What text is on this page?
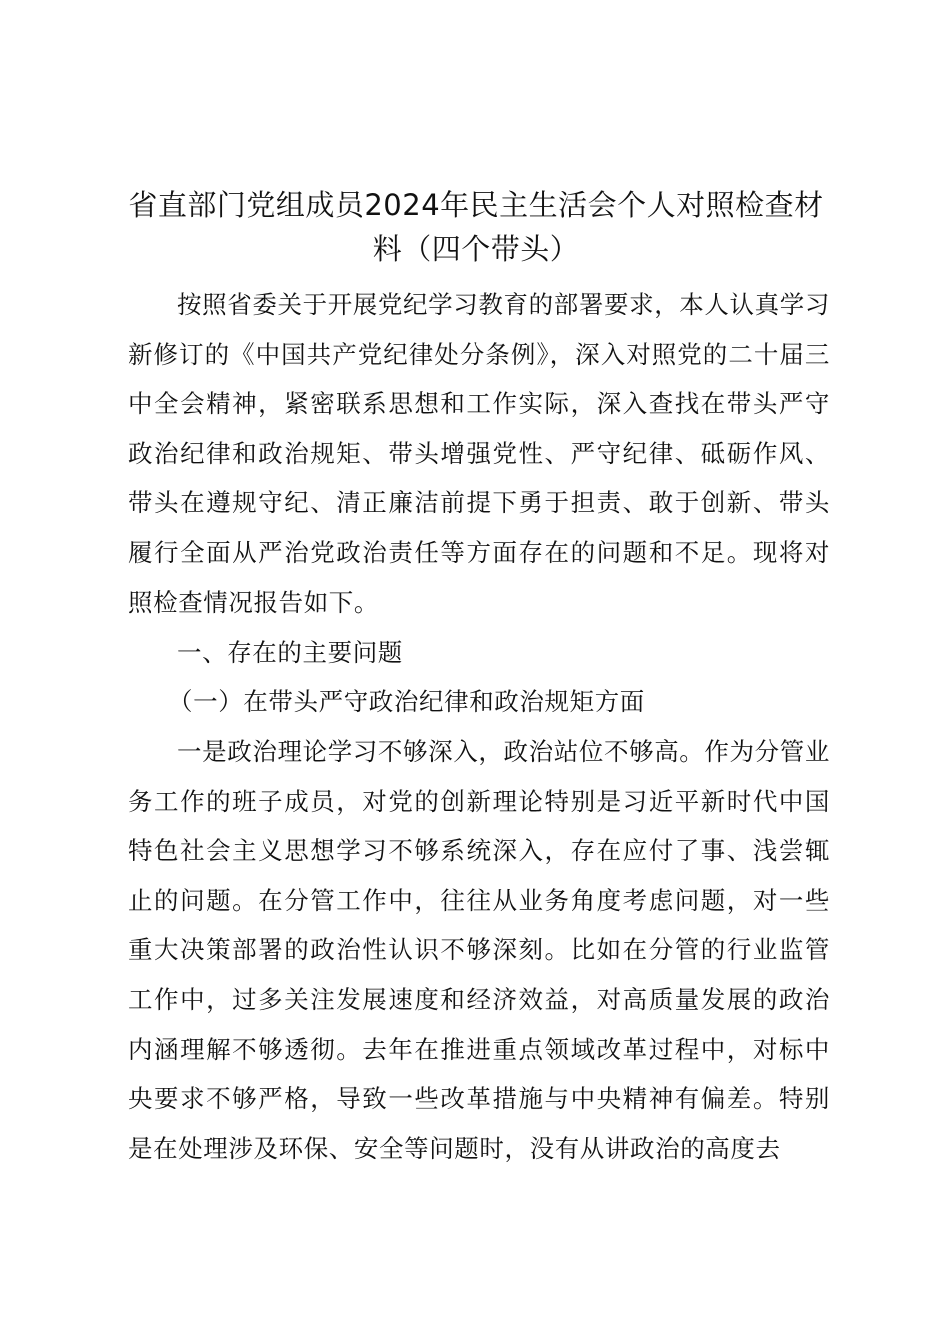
省直部门党组成员2024年民主生活会个人对照检查材料（四个带头）

按照省委关于开展党纪学习教育的部署要求，本人认真学习新修订的《中国共产党纪律处分条例》，深入对照党的二十届三中全会精神，紧密联系思想和工作实际，深入查找在带头严守政治纪律和政治规矩、带头增强党性、严守纪律、砥砺作风、带头在遵规守纪、清正廉洁前提下勇于担责、敢于创新、带头履行全面从严治党政治责任等方面存在的问题和不足。现将对照检查情况报告如下。

一、存在的主要问题
（一）在带头严守政治纪律和政治规矩方面

一是政治理论学习不够深入，政治站位不够高。作为分管业务工作的班子成员，对党的创新理论特别是习近平新时代中国特色社会主义思想学习不够系统深入，存在应付了事、浅尝辄止的问题。在分管工作中，往往从业务角度考虑问题，对一些重大决策部署的政治性认识不够深刻。比如在分管的行业监管工作中，过多关注发展速度和经济效益，对高质量发展的政治内涵理解不够透彻。去年在推进重点领域改革过程中，对标中央要求不够严格，导致一些改革措施与中央精神有偏差。特别是在处理涉及环保、安全等问题时，没有从讲政治的高度去
